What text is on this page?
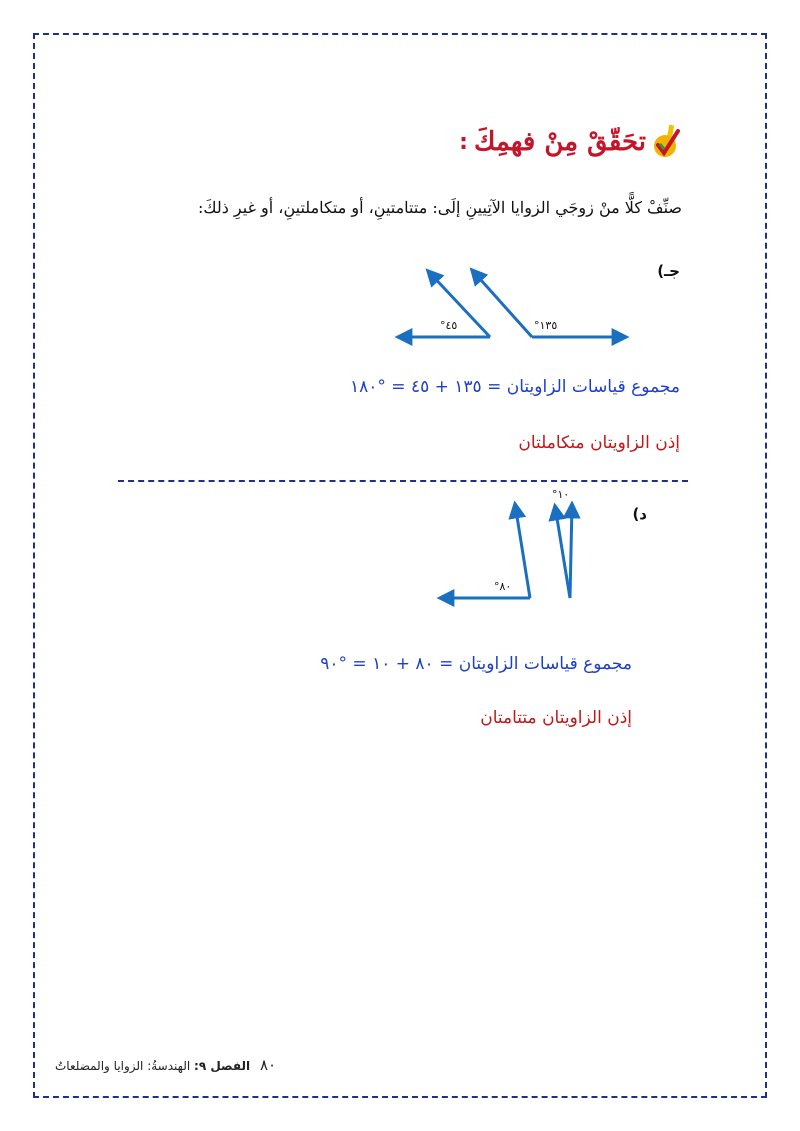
تحَقّقْ مِنْ فهمِكَ
:
صنِّفْ كلًّا منْ زوجَي الزوايا الآتِيينِ إلَى: متتامتينِ، أو متكاملتينِ، أو غيرِ ذلكَ:
جـ)
°٤٥	°١٣٥
مجموع قياسات الزاويتان = ١٣٥ + ٤٥ = °١٨٠
إذن الزاويتان متكاملتان
د)
°١٠
°٨٠
مجموع قياسات الزاويتان = ٨٠ + ١٠ = °٩٠
إذن الزاويتان متتامتان
٨٠ الفصل ٩: الهندسةُ: الزوايا والمضلعاتُ
